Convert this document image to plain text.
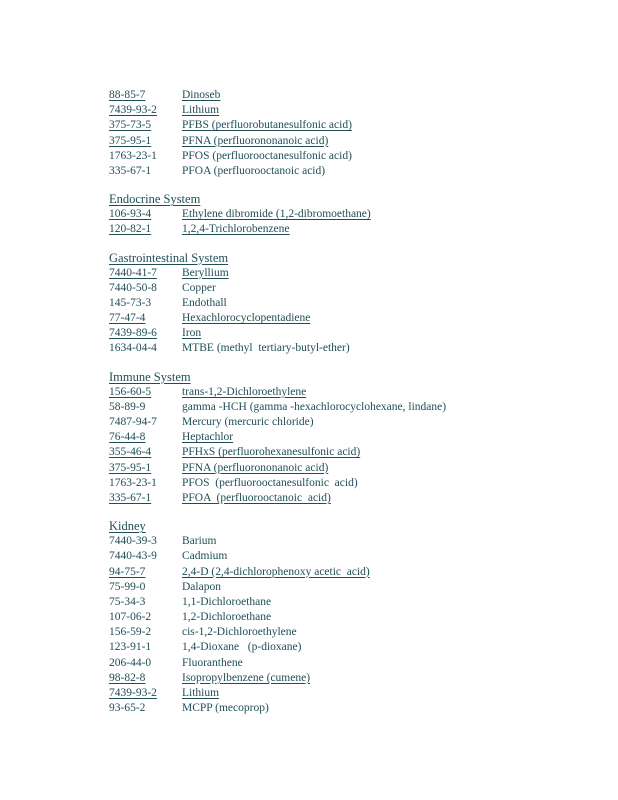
88-85-7	Dinoseb
7439-93-2	Lithium
375-73-5	PFBS (perfluorobutanesulfonic acid)
375-95-1	PFNA (perfluorononanoic acid)
1763-23-1	PFOS (perfluorooctanesulfonic acid)
335-67-1	PFOA (perfluorooctanoic acid)
Endocrine System
106-93-4	Ethylene dibromide (1,2-dibromoethane)
120-82-1	1,2,4-Trichlorobenzene
Gastrointestinal System
7440-41-7	Beryllium
7440-50-8	Copper
145-73-3	Endothall
77-47-4	Hexachlorocyclopentadiene
7439-89-6	Iron
1634-04-4	MTBE (methyl  tertiary-butyl-ether)
Immune System
156-60-5	trans-1,2-Dichloroethylene
58-89-9	gamma -HCH (gamma -hexachlorocyclohexane, lindane)
7487-94-7	Mercury (mercuric chloride)
76-44-8	Heptachlor
355-46-4	PFHxS (perfluorohexanesulfonic acid)
375-95-1	PFNA (perfluorononanoic acid)
1763-23-1	PFOS  (perfluorooctanesulfonic  acid)
335-67-1	PFOA  (perfluorooctanoic  acid)
Kidney
7440-39-3	Barium
7440-43-9	Cadmium
94-75-7	2,4-D (2,4-dichlorophenoxy acetic  acid)
75-99-0	Dalapon
75-34-3	1,1-Dichloroethane
107-06-2	1,2-Dichloroethane
156-59-2	cis-1,2-Dichloroethylene
123-91-1	1,4-Dioxane   (p-dioxane)
206-44-0	Fluoranthene
98-82-8	Isopropylbenzene (cumene)
7439-93-2	Lithium
93-65-2	MCPP (mecoprop)
